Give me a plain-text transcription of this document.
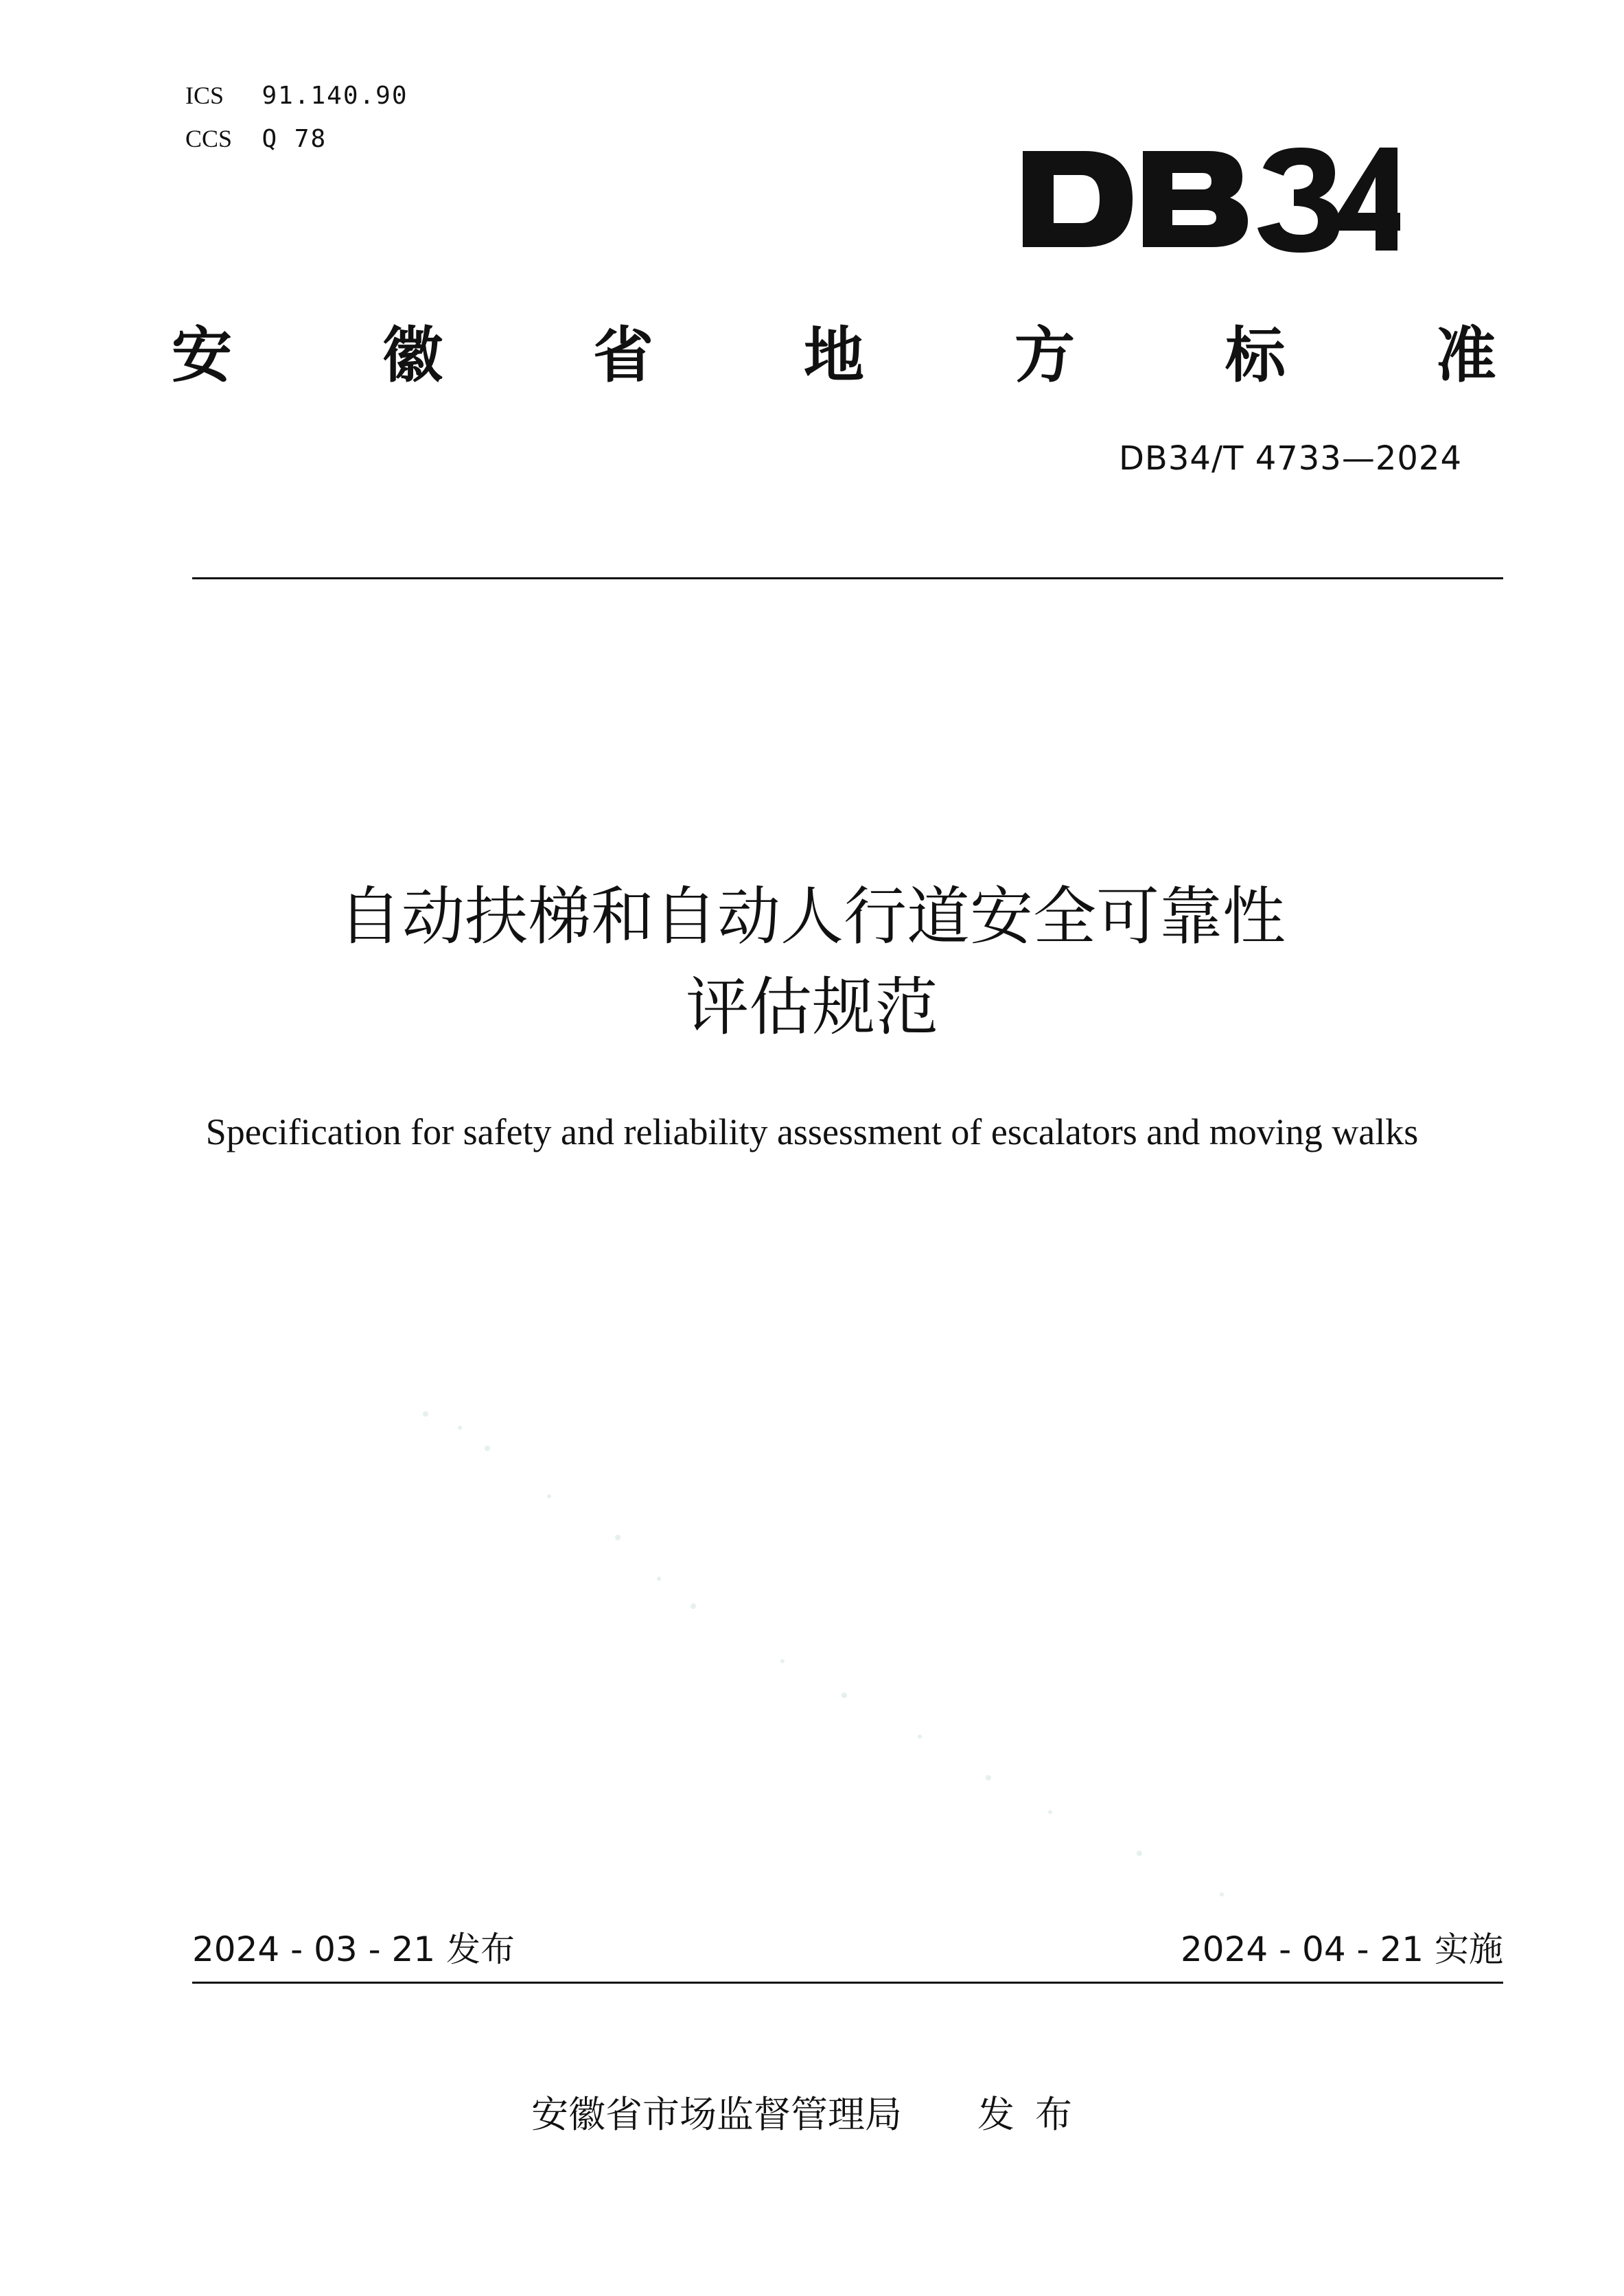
ICS 91.140.90
CCS Q 78
安 徽 省 地 方 标 准
DB34/T 4733—2024
自动扶梯和自动人行道安全可靠性
评估规范
Specification for safety and reliability assessment of escalators and moving walks
2024 - 03 - 21 发布	2024 - 04 - 21 实施
安徽省市场监督管理局 发布
